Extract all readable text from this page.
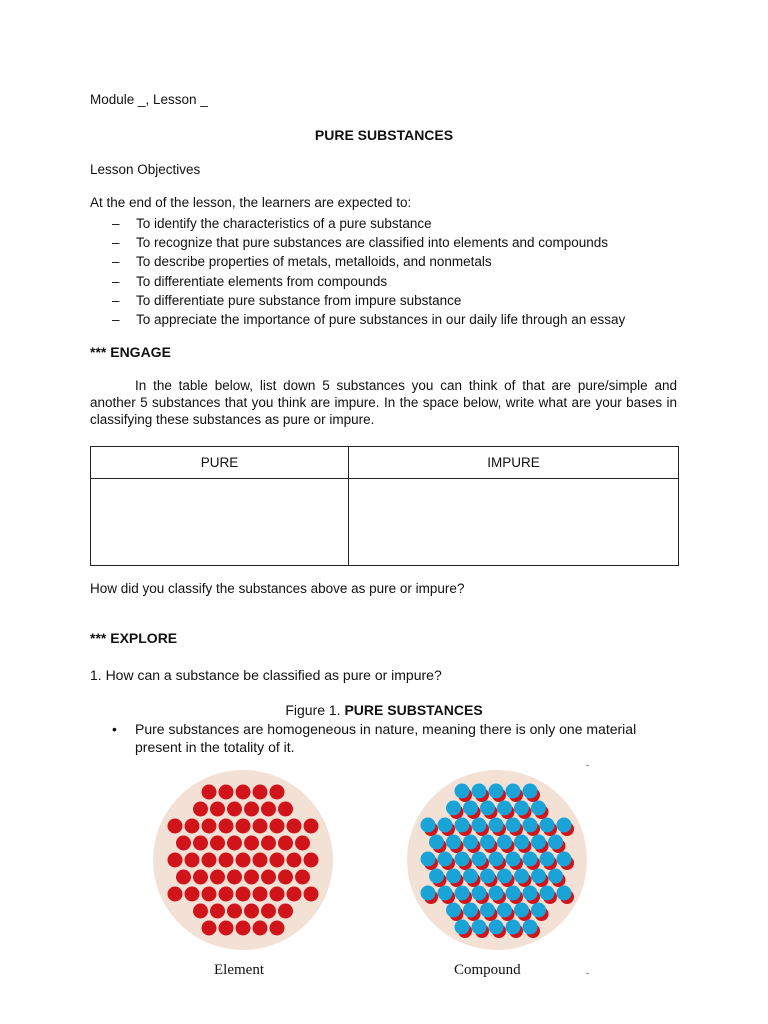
Module _, Lesson _
PURE SUBSTANCES
Lesson Objectives
At the end of the lesson, the learners are expected to:
– To identify the characteristics of a pure substance
– To recognize that pure substances are classified into elements and compounds
– To describe properties of metals, metalloids, and nonmetals
– To differentiate elements from compounds
– To differentiate pure substance from impure substance
– To appreciate the importance of pure substances in our daily life through an essay
*** ENGAGE
In the table below, list down 5 substances you can think of that are pure/simple and another 5 substances that you think are impure. In the space below, write what are your bases in classifying these substances as pure or impure.
PURE	IMPURE

How did you classify the substances above as pure or impure?
*** EXPLORE
1. How can a substance be classified as pure or impure?
Figure 1. PURE SUBSTANCES
• Pure substances are homogeneous in nature, meaning there is only one material present in the totality of it.
-
-
Element	Compound
